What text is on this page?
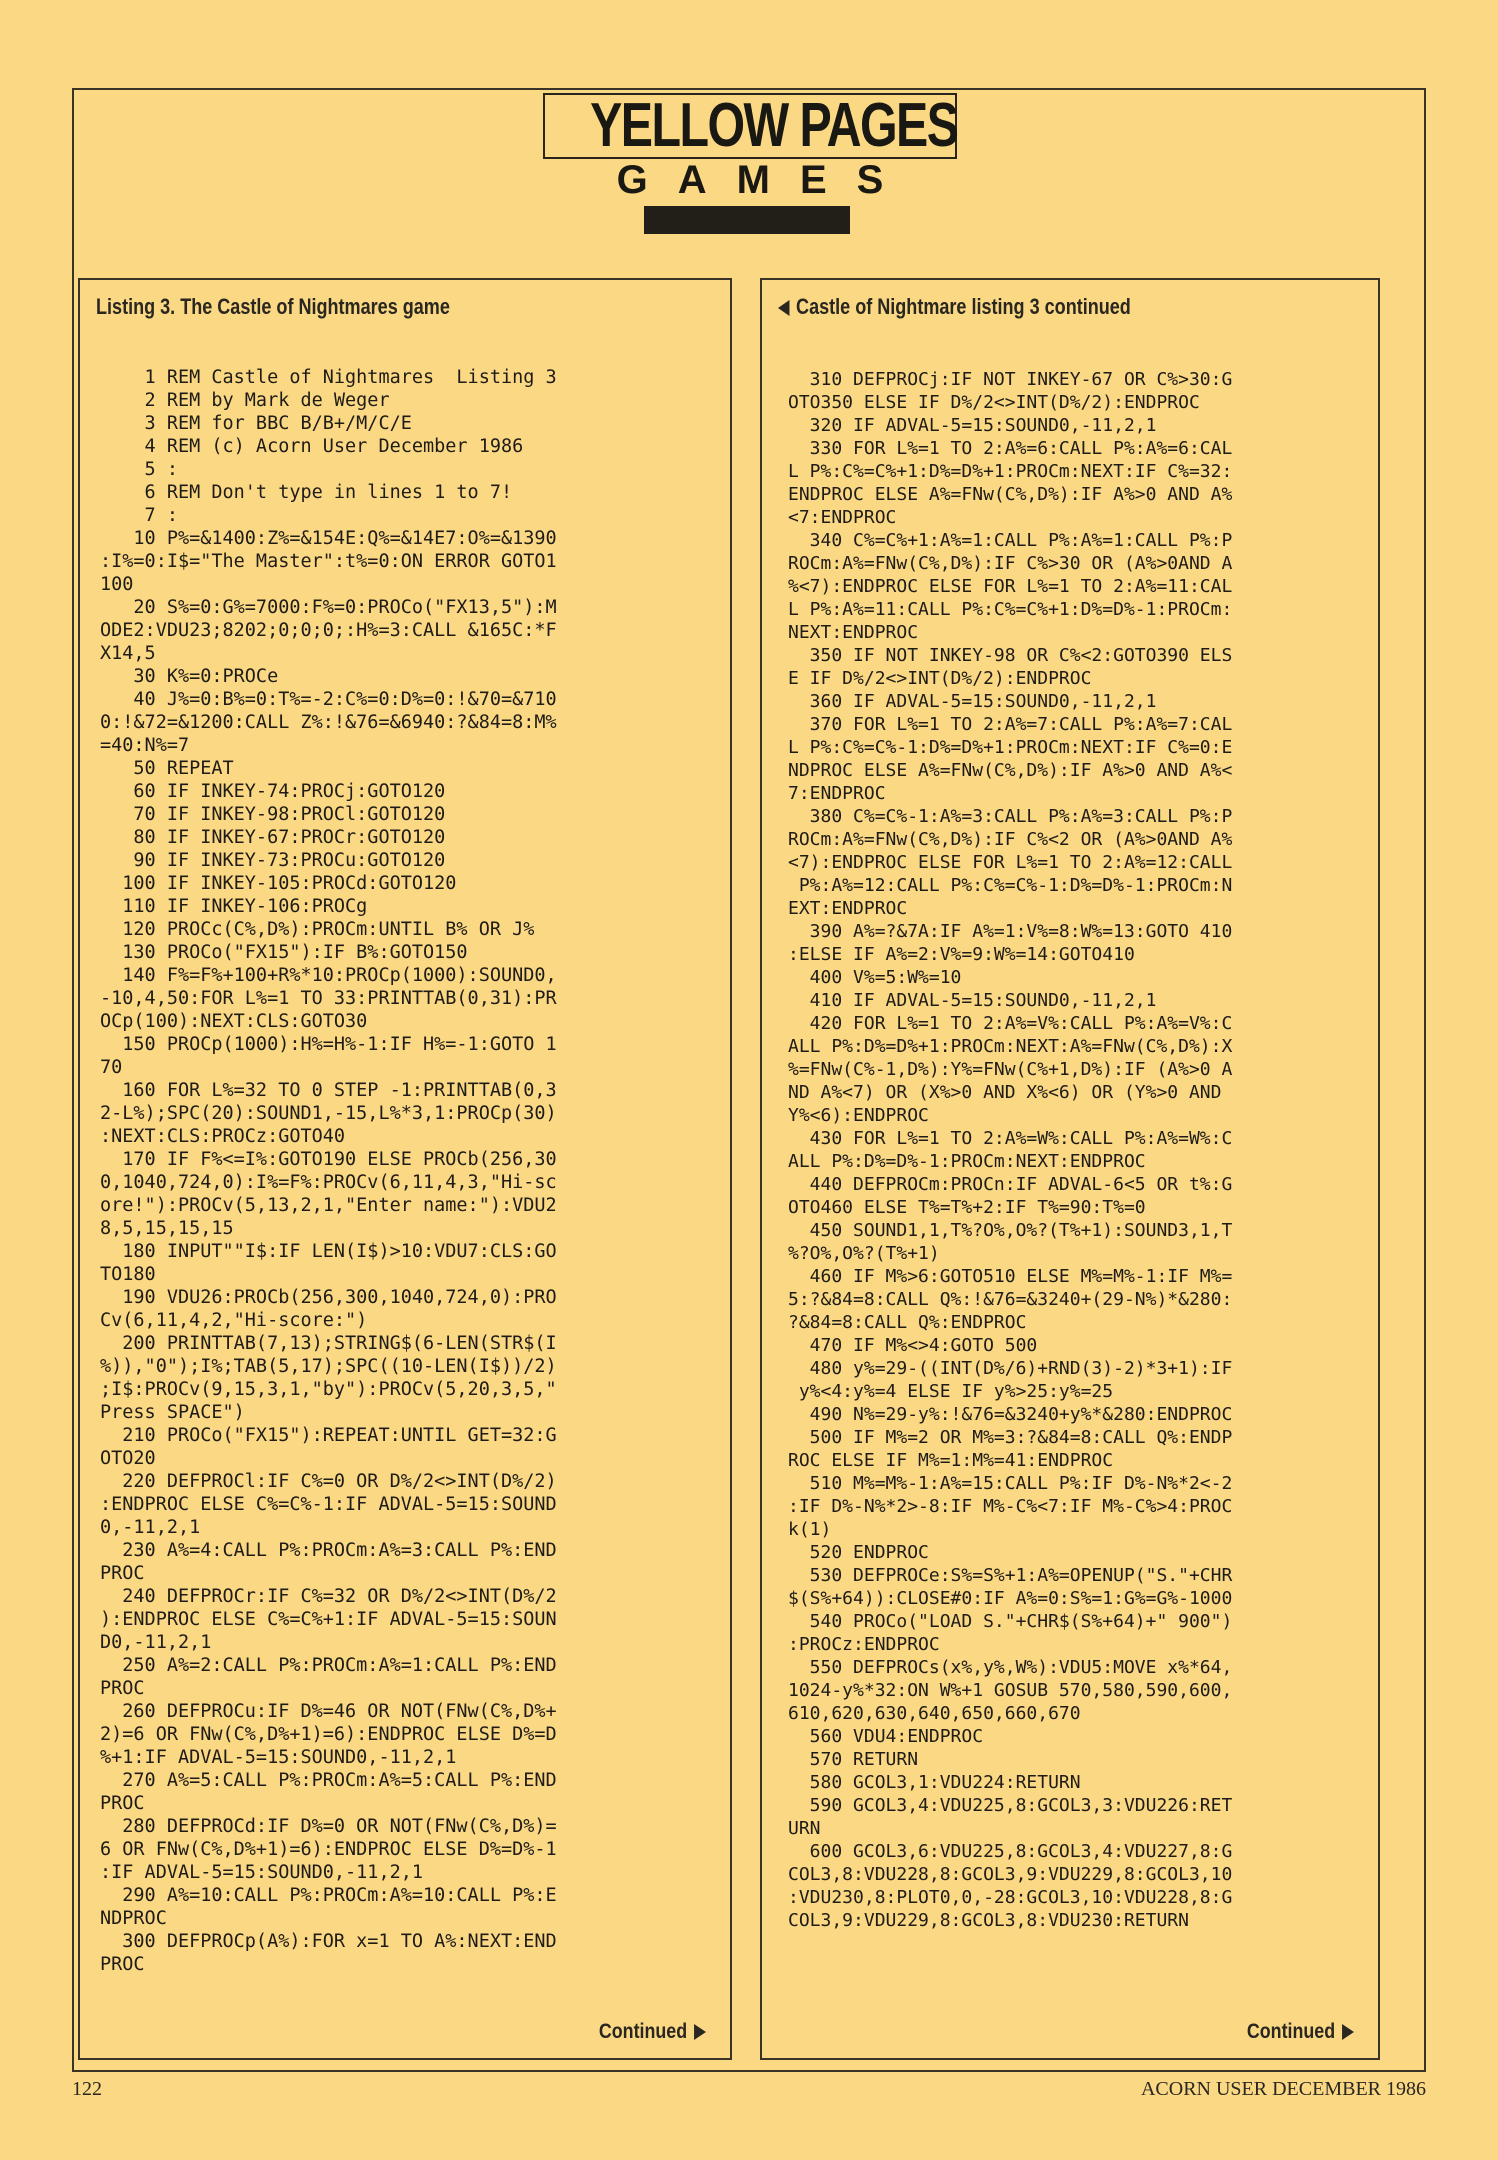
YELLOW PAGES
GAMES
Listing 3. The Castle of Nightmares game
1 REM Castle of Nightmares  Listing 3
2 REM by Mark de Weger
3 REM for BBC B/B+/M/C/E
4 REM (c) Acorn User December 1986
5 :
6 REM Don't type in lines 1 to 7!
7 :
10 P%=&1400:Z%=&154E:Q%=&14E7:O%=&1390
:I%=0:I$="The Master":t%=0:ON ERROR GOTO1
100
20 S%=0:G%=7000:F%=0:PROCo("FX13,5"):M
ODE2:VDU23;8202;0;0;0;:H%=3:CALL &165C:*F
X14,5
30 K%=0:PROCe
40 J%=0:B%=0:T%=-2:C%=0:D%=0:!&70=&710
0:!&72=&1200:CALL Z%:!&76=&6940:?&84=8:M%
=40:N%=7
50 REPEAT
60 IF INKEY-74:PROCj:GOTO120
70 IF INKEY-98:PROCl:GOTO120
80 IF INKEY-67:PROCr:GOTO120
90 IF INKEY-73:PROCu:GOTO120
100 IF INKEY-105:PROCd:GOTO120
110 IF INKEY-106:PROCg
120 PROCc(C%,D%):PROCm:UNTIL B% OR J%
130 PROCo("FX15"):IF B%:GOTO150
140 F%=F%+100+R%*10:PROCp(1000):SOUND0,
-10,4,50:FOR L%=1 TO 33:PRINTTAB(0,31):PR
OCp(100):NEXT:CLS:GOTO30
150 PROCp(1000):H%=H%-1:IF H%=-1:GOTO 1
70
160 FOR L%=32 TO 0 STEP -1:PRINTTAB(0,3
2-L%);SPC(20):SOUND1,-15,L%*3,1:PROCp(30)
:NEXT:CLS:PROCz:GOTO40
170 IF F%<=I%:GOTO190 ELSE PROCb(256,30
0,1040,724,0):I%=F%:PROCv(6,11,4,3,"Hi-sc
ore!"):PROCv(5,13,2,1,"Enter name:"):VDU2
8,5,15,15,15
180 INPUT""I$:IF LEN(I$)>10:VDU7:CLS:GO
TO180
190 VDU26:PROCb(256,300,1040,724,0):PRO
Cv(6,11,4,2,"Hi-score:")
200 PRINTTAB(7,13);STRING$(6-LEN(STR$(I
%)),"0");I%;TAB(5,17);SPC((10-LEN(I$))/2)
;I$:PROCv(9,15,3,1,"by"):PROCv(5,20,3,5,"
Press SPACE")
210 PROCo("FX15"):REPEAT:UNTIL GET=32:G
OTO20
220 DEFPROCl:IF C%=0 OR D%/2<>INT(D%/2)
:ENDPROC ELSE C%=C%-1:IF ADVAL-5=15:SOUND
0,-11,2,1
230 A%=4:CALL P%:PROCm:A%=3:CALL P%:END
PROC
240 DEFPROCr:IF C%=32 OR D%/2<>INT(D%/2
):ENDPROC ELSE C%=C%+1:IF ADVAL-5=15:SOUN
D0,-11,2,1
250 A%=2:CALL P%:PROCm:A%=1:CALL P%:END
PROC
260 DEFPROCu:IF D%=46 OR NOT(FNw(C%,D%+
2)=6 OR FNw(C%,D%+1)=6):ENDPROC ELSE D%=D
%+1:IF ADVAL-5=15:SOUND0,-11,2,1
270 A%=5:CALL P%:PROCm:A%=5:CALL P%:END
PROC
280 DEFPROCd:IF D%=0 OR NOT(FNw(C%,D%)=
6 OR FNw(C%,D%+1)=6):ENDPROC ELSE D%=D%-1
:IF ADVAL-5=15:SOUND0,-11,2,1
290 A%=10:CALL P%:PROCm:A%=10:CALL P%:E
NDPROC
300 DEFPROCp(A%):FOR x=1 TO A%:NEXT:END
PROC
Continued
Castle of Nightmare listing 3 continued
310 DEFPROCj:IF NOT INKEY-67 OR C%>30:G
OTO350 ELSE IF D%/2<>INT(D%/2):ENDPROC
320 IF ADVAL-5=15:SOUND0,-11,2,1
330 FOR L%=1 TO 2:A%=6:CALL P%:A%=6:CAL
L P%:C%=C%+1:D%=D%+1:PROCm:NEXT:IF C%=32:
ENDPROC ELSE A%=FNw(C%,D%):IF A%>0 AND A%
<7:ENDPROC
340 C%=C%+1:A%=1:CALL P%:A%=1:CALL P%:P
ROCm:A%=FNw(C%,D%):IF C%>30 OR (A%>0AND A
%<7):ENDPROC ELSE FOR L%=1 TO 2:A%=11:CAL
L P%:A%=11:CALL P%:C%=C%+1:D%=D%-1:PROCm:
NEXT:ENDPROC
350 IF NOT INKEY-98 OR C%<2:GOTO390 ELS
E IF D%/2<>INT(D%/2):ENDPROC
360 IF ADVAL-5=15:SOUND0,-11,2,1
370 FOR L%=1 TO 2:A%=7:CALL P%:A%=7:CAL
L P%:C%=C%-1:D%=D%+1:PROCm:NEXT:IF C%=0:E
NDPROC ELSE A%=FNw(C%,D%):IF A%>0 AND A%<
7:ENDPROC
380 C%=C%-1:A%=3:CALL P%:A%=3:CALL P%:P
ROCm:A%=FNw(C%,D%):IF C%<2 OR (A%>0AND A%
<7):ENDPROC ELSE FOR L%=1 TO 2:A%=12:CALL
P%:A%=12:CALL P%:C%=C%-1:D%=D%-1:PROCm:N
EXT:ENDPROC
390 A%=?&7A:IF A%=1:V%=8:W%=13:GOTO 410
:ELSE IF A%=2:V%=9:W%=14:GOTO410
400 V%=5:W%=10
410 IF ADVAL-5=15:SOUND0,-11,2,1
420 FOR L%=1 TO 2:A%=V%:CALL P%:A%=V%:C
ALL P%:D%=D%+1:PROCm:NEXT:A%=FNw(C%,D%):X
%=FNw(C%-1,D%):Y%=FNw(C%+1,D%):IF (A%>0 A
ND A%<7) OR (X%>0 AND X%<6) OR (Y%>0 AND
Y%<6):ENDPROC
430 FOR L%=1 TO 2:A%=W%:CALL P%:A%=W%:C
ALL P%:D%=D%-1:PROCm:NEXT:ENDPROC
440 DEFPROCm:PROCn:IF ADVAL-6<5 OR t%:G
OTO460 ELSE T%=T%+2:IF T%=90:T%=0
450 SOUND1,1,T%?O%,O%?(T%+1):SOUND3,1,T
%?O%,O%?(T%+1)
460 IF M%>6:GOTO510 ELSE M%=M%-1:IF M%=
5:?&84=8:CALL Q%:!&76=&3240+(29-N%)*&280:
?&84=8:CALL Q%:ENDPROC
470 IF M%<>4:GOTO 500
480 y%=29-((INT(D%/6)+RND(3)-2)*3+1):IF
y%<4:y%=4 ELSE IF y%>25:y%=25
490 N%=29-y%:!&76=&3240+y%*&280:ENDPROC
500 IF M%=2 OR M%=3:?&84=8:CALL Q%:ENDP
ROC ELSE IF M%=1:M%=41:ENDPROC
510 M%=M%-1:A%=15:CALL P%:IF D%-N%*2<-2
:IF D%-N%*2>-8:IF M%-C%<7:IF M%-C%>4:PROC
k(1)
520 ENDPROC
530 DEFPROCe:S%=S%+1:A%=OPENUP("S."+CHR
$(S%+64)):CLOSE#0:IF A%=0:S%=1:G%=G%-1000
540 PROCo("LOAD S."+CHR$(S%+64)+" 900")
:PROCz:ENDPROC
550 DEFPROCs(x%,y%,W%):VDU5:MOVE x%*64,
1024-y%*32:ON W%+1 GOSUB 570,580,590,600,
610,620,630,640,650,660,670
560 VDU4:ENDPROC
570 RETURN
580 GCOL3,1:VDU224:RETURN
590 GCOL3,4:VDU225,8:GCOL3,3:VDU226:RET
URN
600 GCOL3,6:VDU225,8:GCOL3,4:VDU227,8:G
COL3,8:VDU228,8:GCOL3,9:VDU229,8:GCOL3,10
:VDU230,8:PLOT0,0,-28:GCOL3,10:VDU228,8:G
COL3,9:VDU229,8:GCOL3,8:VDU230:RETURN
Continued
122	ACORN USER DECEMBER 1986
